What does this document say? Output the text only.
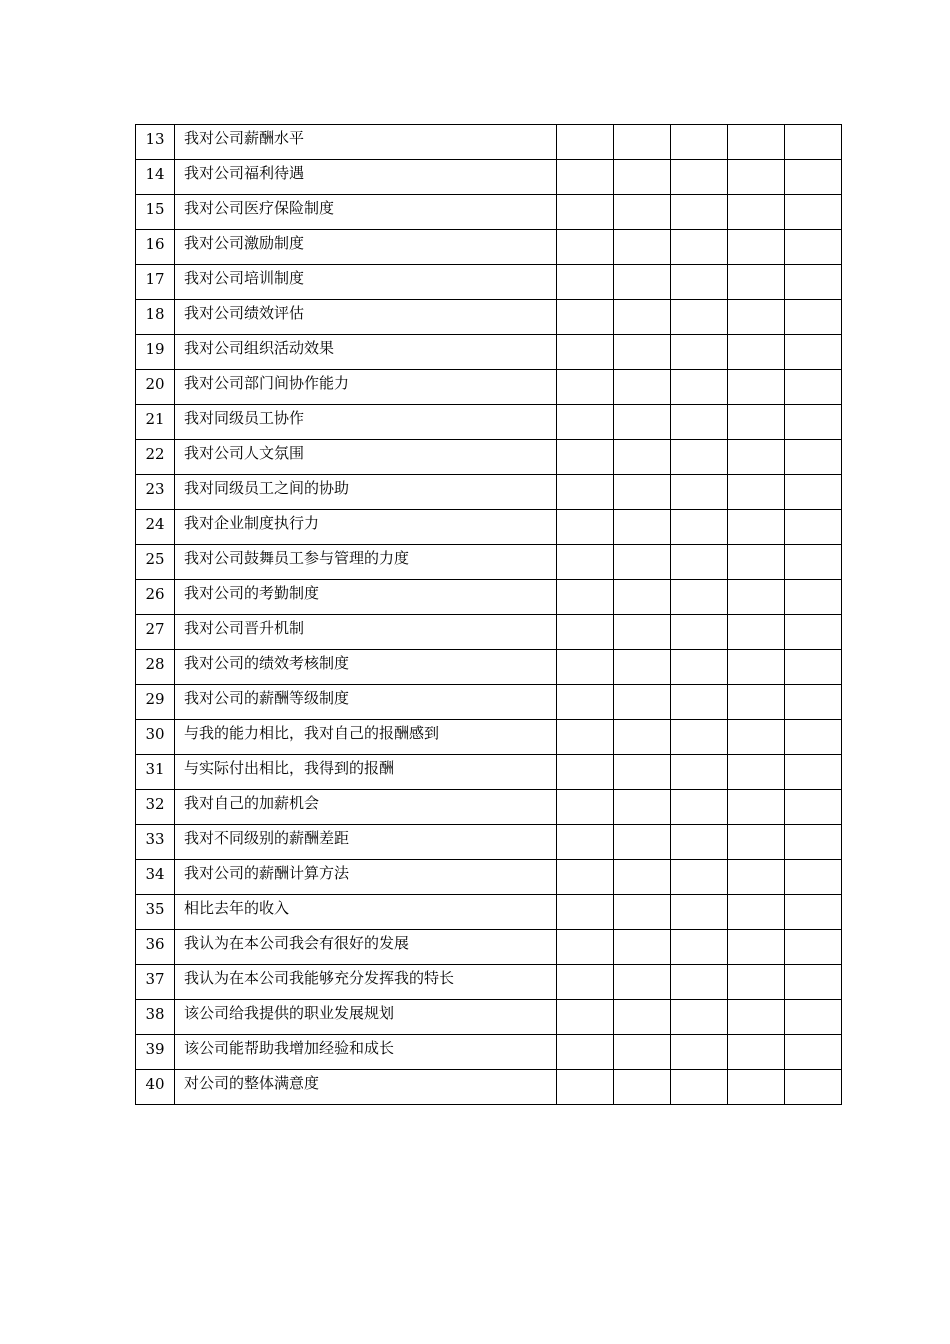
13	我对公司薪酬水平					
14	我对公司福利待遇					
15	我对公司医疗保险制度					
16	我对公司激励制度					
17	我对公司培训制度					
18	我对公司绩效评估					
19	我对公司组织活动效果					
20	我对公司部门间协作能力					
21	我对同级员工协作					
22	我对公司人文氛围					
23	我对同级员工之间的协助					
24	我对企业制度执行力					
25	我对公司鼓舞员工参与管理的力度					
26	我对公司的考勤制度					
27	我对公司晋升机制					
28	我对公司的绩效考核制度					
29	我对公司的薪酬等级制度					
30	与我的能力相比，我对自己的报酬感到					
31	与实际付出相比，我得到的报酬					
32	我对自己的加薪机会					
33	我对不同级别的薪酬差距					
34	我对公司的薪酬计算方法					
35	相比去年的收入					
36	我认为在本公司我会有很好的发展					
37	我认为在本公司我能够充分发挥我的特长					
38	该公司给我提供的职业发展规划					
39	该公司能帮助我增加经验和成长					
40	对公司的整体满意度					
